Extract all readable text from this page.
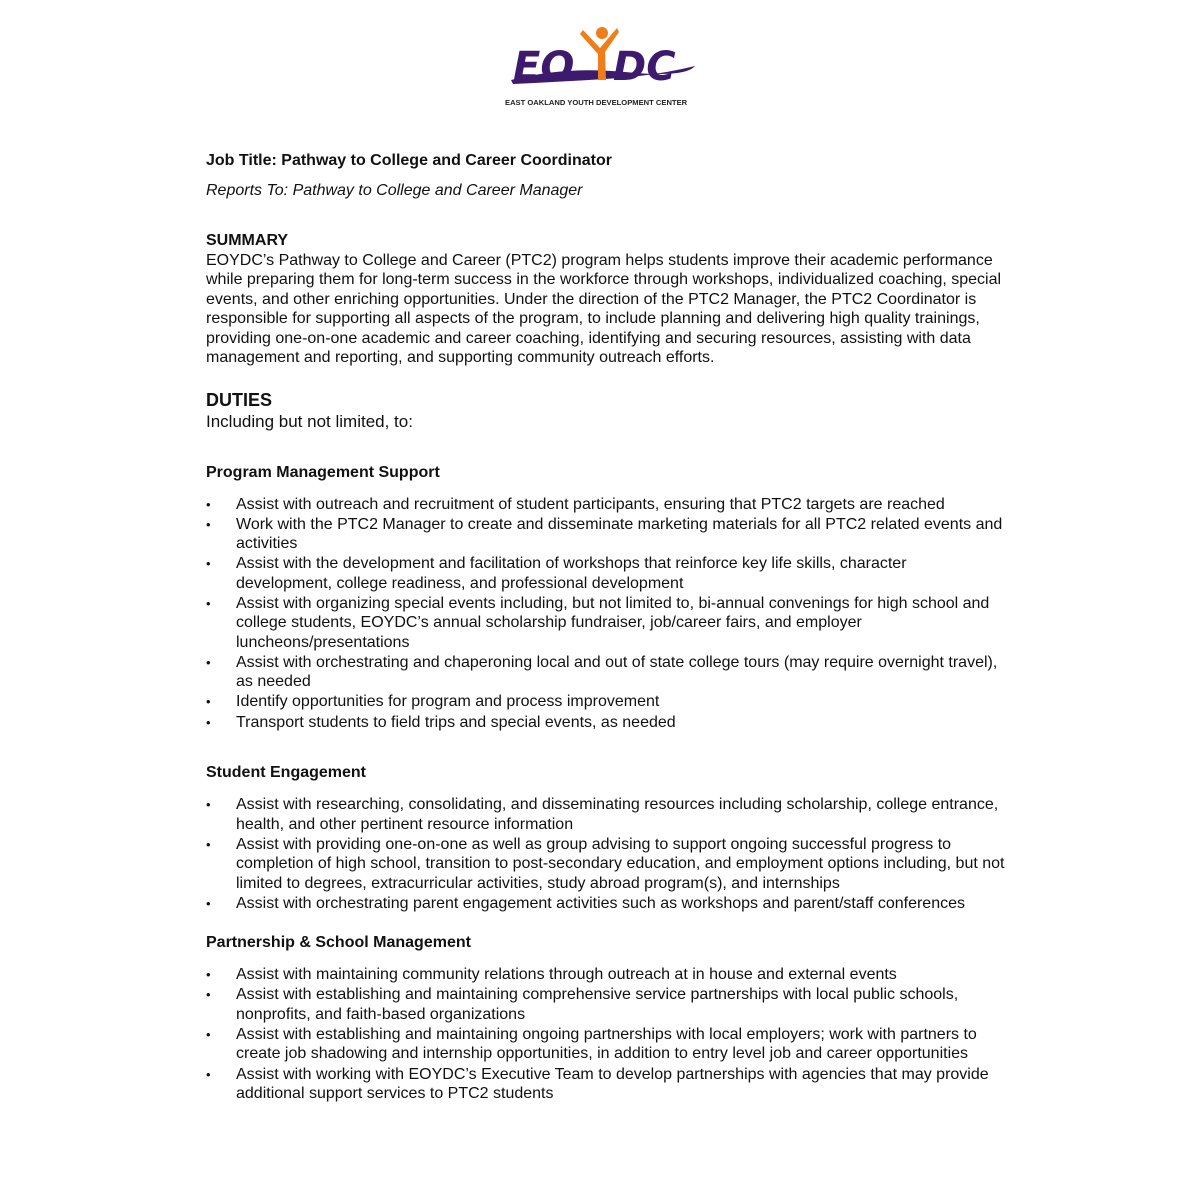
EO DC
EAST OAKLAND YOUTH DEVELOPMENT CENTER

Job Title: Pathway to College and Career Coordinator

Reports To: Pathway to College and Career Manager

SUMMARY

EOYDC’s Pathway to College and Career (PTC2) program helps students improve their academic performance while preparing them for long-term success in the workforce through workshops, individualized coaching, special events, and other enriching opportunities. Under the direction of the PTC2 Manager, the PTC2 Coordinator is responsible for supporting all aspects of the program, to include planning and delivering high quality trainings, providing one-on-one academic and career coaching, identifying and securing resources, assisting with data management and reporting, and supporting community outreach efforts.

DUTIES

Including but not limited, to:

Program Management Support

• Assist with outreach and recruitment of student participants, ensuring that PTC2 targets are reached
• Work with the PTC2 Manager to create and disseminate marketing materials for all PTC2 related events and activities
• Assist with the development and facilitation of workshops that reinforce key life skills, character development, college readiness, and professional development
• Assist with organizing special events including, but not limited to, bi-annual convenings for high school and college students, EOYDC’s annual scholarship fundraiser, job/career fairs, and employer luncheons/presentations
• Assist with orchestrating and chaperoning local and out of state college tours (may require overnight travel), as needed
• Identify opportunities for program and process improvement
• Transport students to field trips and special events, as needed

Student Engagement

• Assist with researching, consolidating, and disseminating resources including scholarship, college entrance, health, and other pertinent resource information
• Assist with providing one-on-one as well as group advising to support ongoing successful progress to completion of high school, transition to post-secondary education, and employment options including, but not limited to degrees, extracurricular activities, study abroad program(s), and internships
• Assist with orchestrating parent engagement activities such as workshops and parent/staff conferences

Partnership & School Management

• Assist with maintaining community relations through outreach at in house and external events
• Assist with establishing and maintaining comprehensive service partnerships with local public schools, nonprofits, and faith-based organizations
• Assist with establishing and maintaining ongoing partnerships with local employers; work with partners to create job shadowing and internship opportunities, in addition to entry level job and career opportunities
• Assist with working with EOYDC’s Executive Team to develop partnerships with agencies that may provide additional support services to PTC2 students
